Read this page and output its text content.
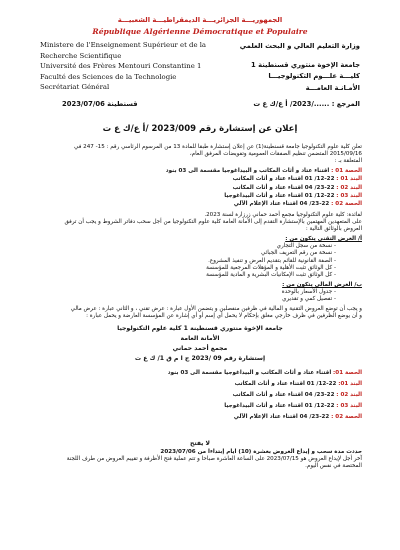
الجمهوريـــة الجزائريـــة الديمقراطيـــة الشعبيـــة
République Algérienne Démocratique et Populaire
Ministere de l'Enseignement Supérieur et de la
Recherche Scientifique
Université des Frères Mentouri Constantine 1
Faculté des Sciences de la Technologie
Secrétariat Général
وزارة التعليم العالي و البحث العلمي
جامعة الإخوة منتوري قسنطينة 1
كليـــة علـــوم التكنولوجيـــا
الأمـانـة العامـــة
المرجع : ....../2023/ أ ع/ك ع ت
قسنطينة 2023/07/06
إعلان عن إستشارة رقم 2023/009 /أ ع/ك ع ت
تعلن كلية علوم التكنولوجيا جامعة قسنطينة(1) عن إعلان إستشارة طبقا للمادة 13 من المرسوم الرئاسي رقم : 15- 247 في
2015/09/16 المتضمن تنظيم الصفقات العمومية وتفويضات المرفق العام،
المتعلقة بـ :
الحصة 01 : اقتناء عتاد و أثاث المكاتب و البيداغوجيا مقسمة الى 03 بنود
البند 01 : 22-12/ 01 اقتناء عتاد و أثاث المكاتب
البند 02 : 22-23/ 04 اقتناء عتاد و أثاث المكاتب
البند 03 : 22-12/ 01 اقتناء عتاد و أثاث البيداغوجيا
الحصة 02 : 22-23/ 04 اقتناء عتاد الإعلام الآلي
لفائدة: كلية علوم التكنولوجيا مجمع أحمد حماني زرزارة لسنة 2023.
على المتعهدين المهتمين بالإستشارة التقدم إلى الأمانة العامة كلية علوم التكنولوجيا من أجل سحب دفاتر الشروط و يجب أن ترفق
العروض بالوثائق التالية :
أ/ العرض التقني يتكون من :
- نسخة من سجل التجاري
- نسخة من رقم التعريف الجبائي
- الصفة القانونية للقائم بتقديم العرض و تنفيذ المشروع.
- كل الوثائق تثبت الأهلية و المؤهلات المرجعية للمؤسسة
- كل الوثائق تثبت الإمكانيات البشرية و المادية للمؤسسة
ب/ العرض المالي يتكون من :
- جدول الأسعار بالوحدة
- تفصيل كمي و تقديري
و يجب أن توضع العروض التقنية و المالية في ظرفين منفصلين و يتضمن الأول عبارة : عرض تقني ، و الثاني عبارة : عرض مالي
و أن يوضع الظرفين في ظرف خارجي مغلق بإحكام لا يحمل أي إسم أو أي إشارة عن المؤسسة العارضة و يحمل عبارة :
جامعة الإخوة منتوري قسنطينة 1 كلية علوم التكنولوجيا
الأمانة العامة
مجمع أحمد حماني
إستشارة رقم 09 /2023 ج ا م ق 1/ ك ع ت
الحصة 01: اقتناء عتاد و أثاث المكاتب و البيداغوجيا مقسمة الى 03 بنود
البند 01: 22-12/ 01 اقتناء عتاد و أثاث المكاتب
البند 02 : 22-23/ 04 اقتناء عتاد و أثاث المكاتب
البند 03 : 22-12/ 01 اقتناء عتاد و أثاث البيداغوجيا
الحصة 02 : 22-23/ 04 اقتناء عتاد الإعلام الآلي
لا يفتح
حددت مدة سحب و إيداع العروض بعشرة (10) ايام إبتداءا من 2023/07/06
آخر أجل لإيداع العروض هو 2023/07/15 على الساعة العاشرة صباحا و تتم عملية فتح الأظرفة و تقييم العروض من طرف اللجنة
المختصة في نفس اليوم.
